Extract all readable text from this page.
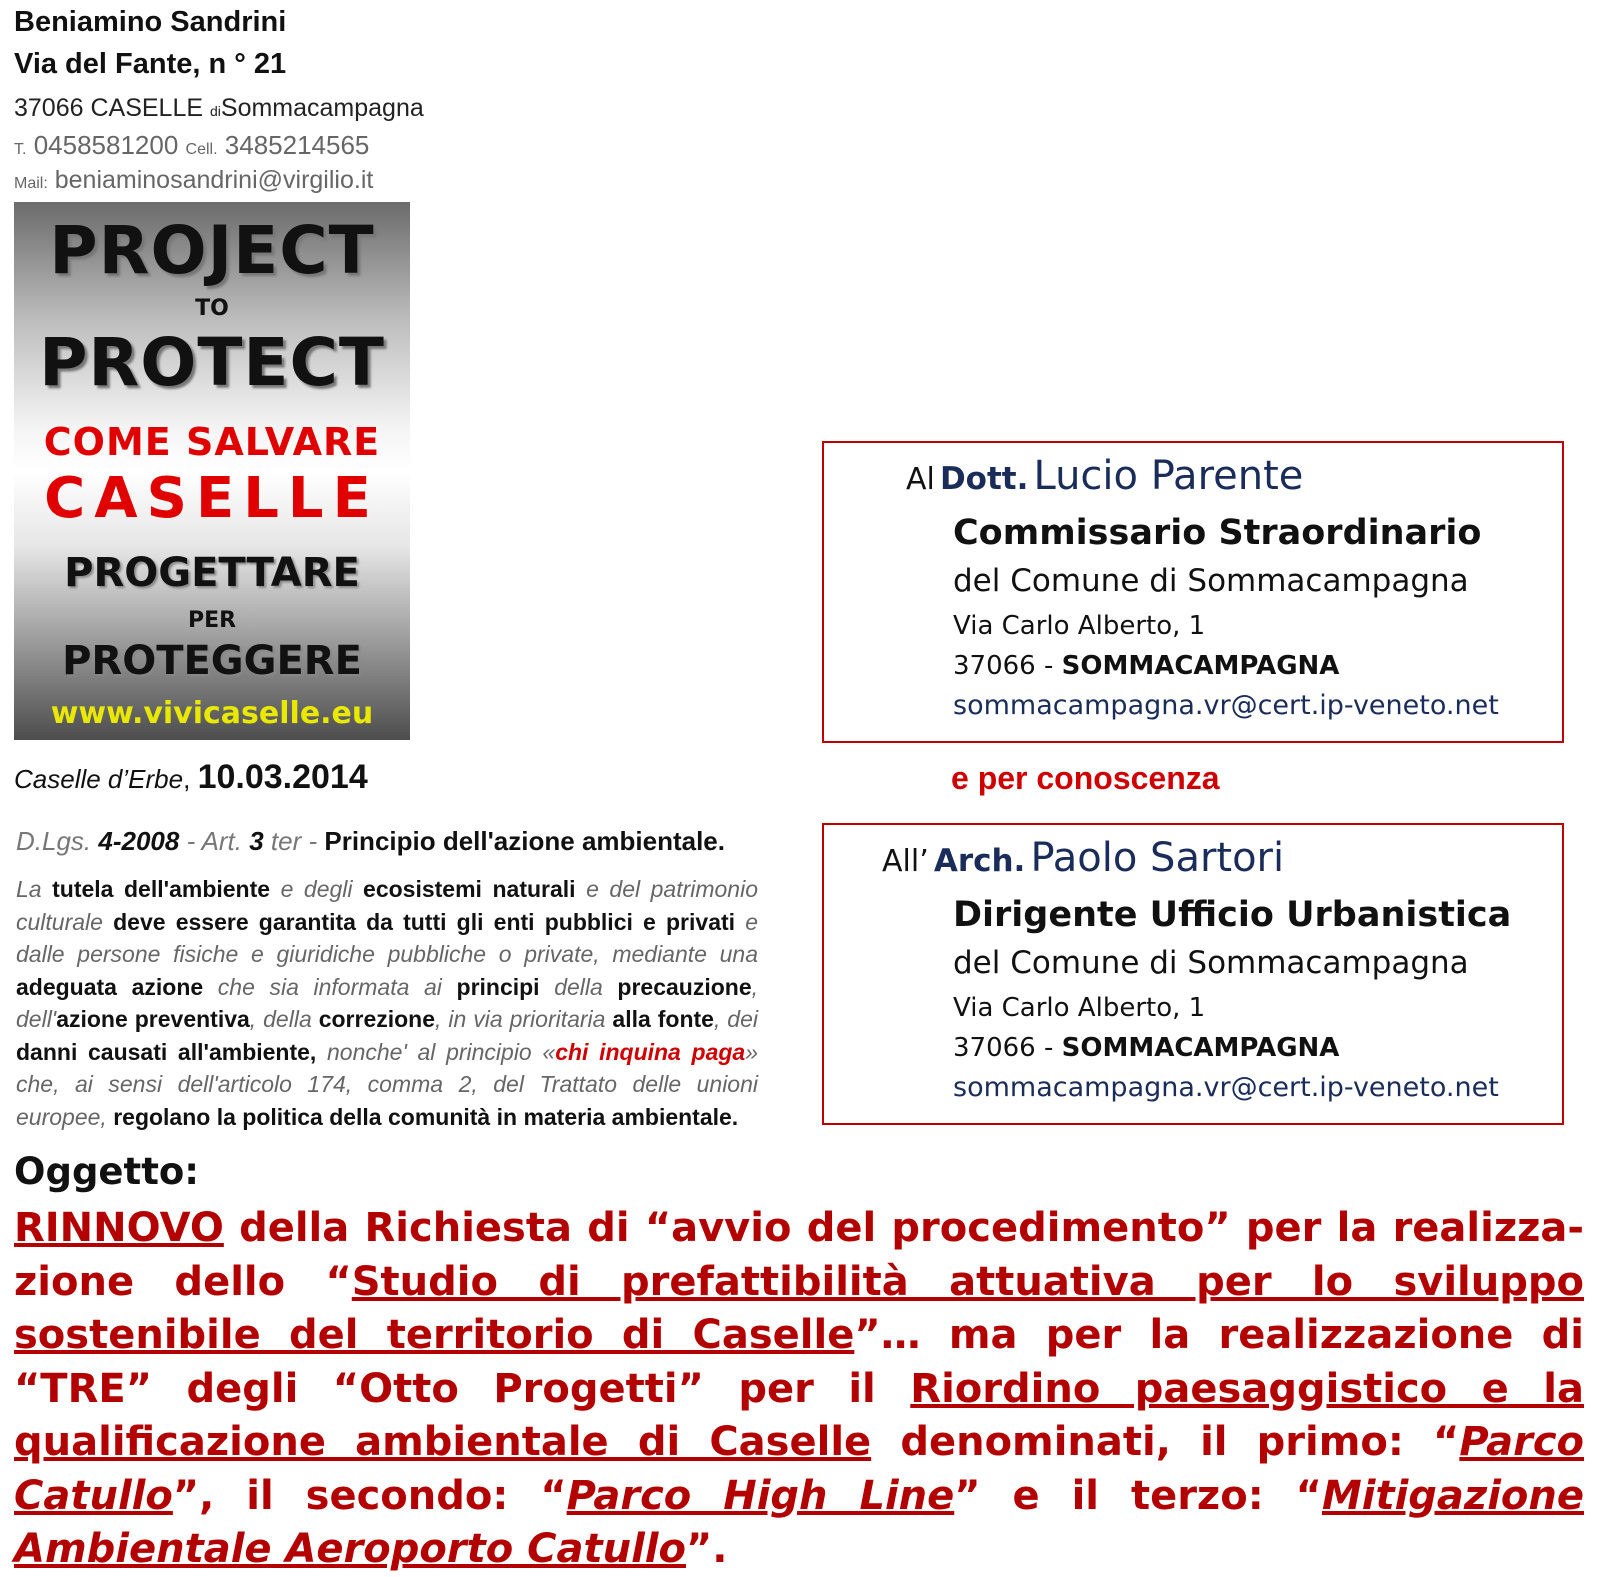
Beniamino Sandrini
Via del Fante, n ° 21
37066 CASELLE diSommacampagna
T. 0458581200 Cell. 3485214565
Mail: beniaminosandrini@virgilio.it
PROJECT
TO
PROTECT
COME SALVARE
CASELLE
PROGETTARE
PER
PROTEGGERE
www.vivicaselle.eu
Caselle d’Erbe, 10.03.2014
D.Lgs. 4-2008 - Art. 3 ter - Principio dell'azione ambientale.
La tutela dell'ambiente e degli ecosistemi naturali e del patrimonio culturale deve essere garantita da tutti gli enti pubblici e privati e dalle persone fisiche e giuridiche pubbliche o private, mediante una adeguata azione che sia informata ai principi della precauzione, dell'azione preventiva, della correzione, in via prioritaria alla fonte, dei danni causati all'ambiente, nonche' al principio «chi inquina paga» che, ai sensi dell'articolo 174, comma 2, del Trattato delle unioni europee, regolano la politica della comunità in materia ambientale.
Al Dott. Lucio Parente
Commissario Straordinario
del Comune di Sommacampagna
Via Carlo Alberto, 1
37066 - SOMMACAMPAGNA
sommacampagna.vr@cert.ip-veneto.net
e per conoscenza
All’ Arch. Paolo Sartori
Dirigente Ufficio Urbanistica
del Comune di Sommacampagna
Via Carlo Alberto, 1
37066 - SOMMACAMPAGNA
sommacampagna.vr@cert.ip-veneto.net
Oggetto:
RINNOVO della Richiesta di “avvio del procedimento” per la realizza-zione dello “Studio di prefattibilità attuativa per lo sviluppo sostenibile del territorio di Caselle”… ma per la realizzazione di “TRE” degli “Otto Progetti” per il Riordino paesaggistico e la qualificazione ambientale di Caselle denominati, il primo: “Parco Catullo”, il secondo: “Parco High Line” e il terzo: “Mitigazione Ambientale Aeroporto Catullo”.
